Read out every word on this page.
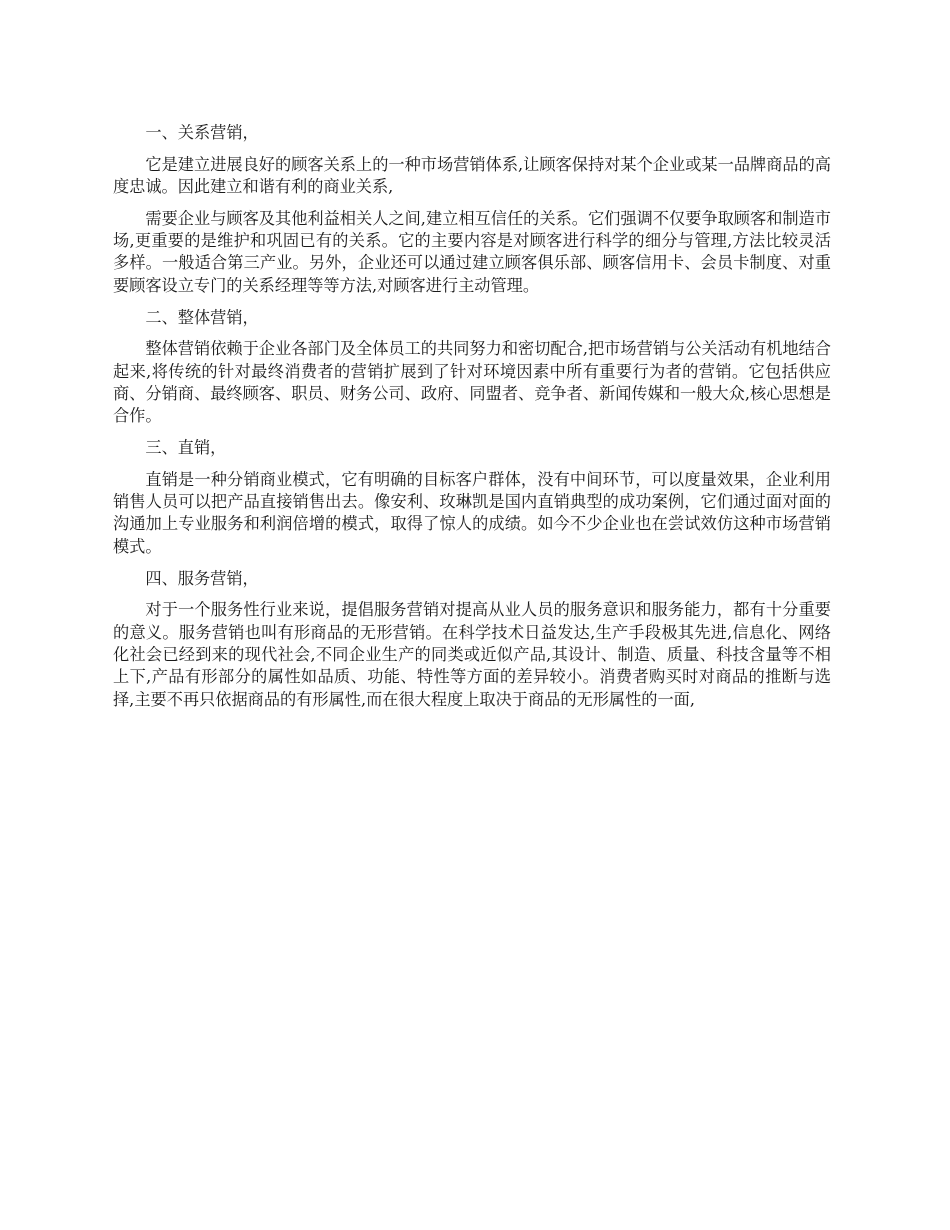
一、关系营销，

它是建立进展良好的顾客关系上的一种市场营销体系,让顾客保持对某个企业或某一品牌商品的高度忠诚。因此建立和谐有利的商业关系,

需要企业与顾客及其他利益相关人之间,建立相互信任的关系。它们强调不仅要争取顾客和制造市场,更重要的是维护和巩固已有的关系。它的主要内容是对顾客进行科学的细分与管理,方法比较灵活多样。一般适合第三产业。另外，企业还可以通过建立顾客俱乐部、顾客信用卡、会员卡制度、对重要顾客设立专门的关系经理等等方法,对顾客进行主动管理。

二、整体营销，

整体营销依赖于企业各部门及全体员工的共同努力和密切配合,把市场营销与公关活动有机地结合起来,将传统的针对最终消费者的营销扩展到了针对环境因素中所有重要行为者的营销。它包括供应商、分销商、最终顾客、职员、财务公司、政府、同盟者、竞争者、新闻传媒和一般大众,核心思想是合作。

三、直销，

直销是一种分销商业模式，它有明确的目标客户群体，没有中间环节，可以度量效果，企业利用销售人员可以把产品直接销售出去。像安利、玫琳凯是国内直销典型的成功案例，它们通过面对面的沟通加上专业服务和利润倍增的模式，取得了惊人的成绩。如今不少企业也在尝试效仿这种市场营销模式。

四、服务营销，

对于一个服务性行业来说，提倡服务营销对提高从业人员的服务意识和服务能力，都有十分重要的意义。服务营销也叫有形商品的无形营销。在科学技术日益发达,生产手段极其先进,信息化、网络化社会已经到来的现代社会,不同企业生产的同类或近似产品,其设计、制造、质量、科技含量等不相上下,产品有形部分的属性如品质、功能、特性等方面的差异较小。消费者购买时对商品的推断与选择,主要不再只依据商品的有形属性,而在很大程度上取决于商品的无形属性的一面,
